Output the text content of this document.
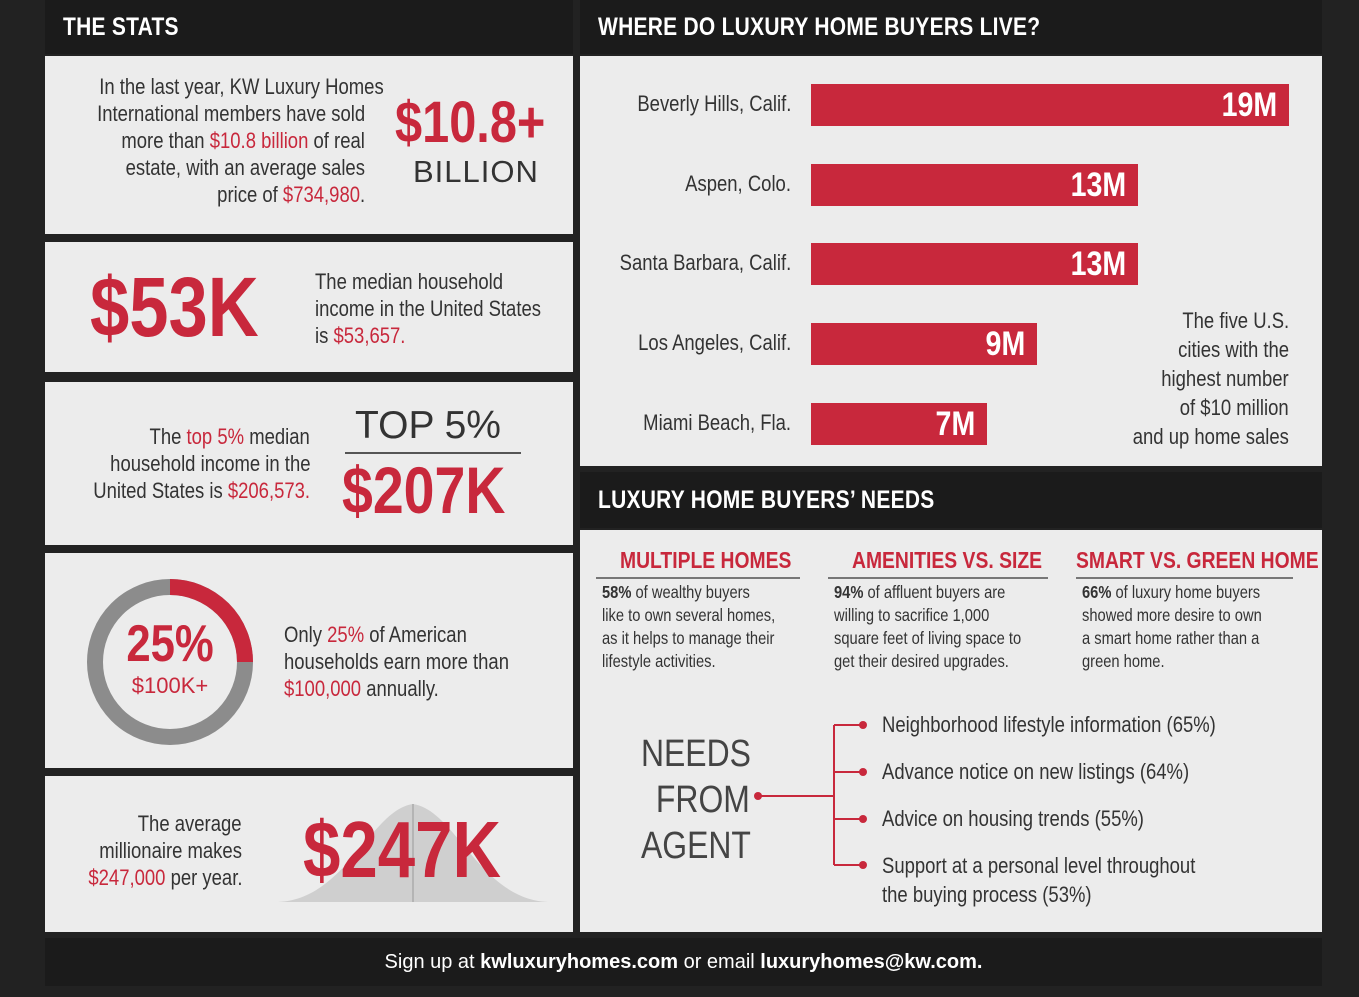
THE STATS
In the last year, KW Luxury Homes
International members have sold
more than $10.8 billion of real
estate, with an average sales
price of $734,980.
$10.8+
BILLION
$53K	The median household
income in the United States
is $53,657.
The top 5% median
household income in the
United States is $206,573.
TOP 5%
$207K
25%
$100K+
Only 25% of American
households earn more than
$100,000 annually.
The average
millionaire makes
$247,000 per year. $247K
WHERE DO LUXURY HOME BUYERS LIVE?
Beverly Hills, Calif.	19M
Aspen, Colo.	13M
Santa Barbara, Calif.	13M
Los Angeles, Calif.	9M
Miami Beach, Fla.	7M
The five U.S.
cities with the
highest number
of $10 million
and up home sales
LUXURY HOME BUYERS’ NEEDS
MULTIPLE HOMES
58% of wealthy buyers
like to own several homes,
as it helps to manage their
lifestyle activities.
AMENITIES VS. SIZE
94% of affluent buyers are
willing to sacrifice 1,000
square feet of living space to
get their desired upgrades.
SMART VS. GREEN HOME
66% of luxury home buyers
showed more desire to own
a smart home rather than a
green home.
NEEDS
FROM
AGENT
Neighborhood lifestyle information (65%)
Advance notice on new listings (64%)
Advice on housing trends (55%)
Support at a personal level throughout
the buying process (53%)
Sign up at kwluxuryhomes.com or email luxuryhomes@kw.com.
